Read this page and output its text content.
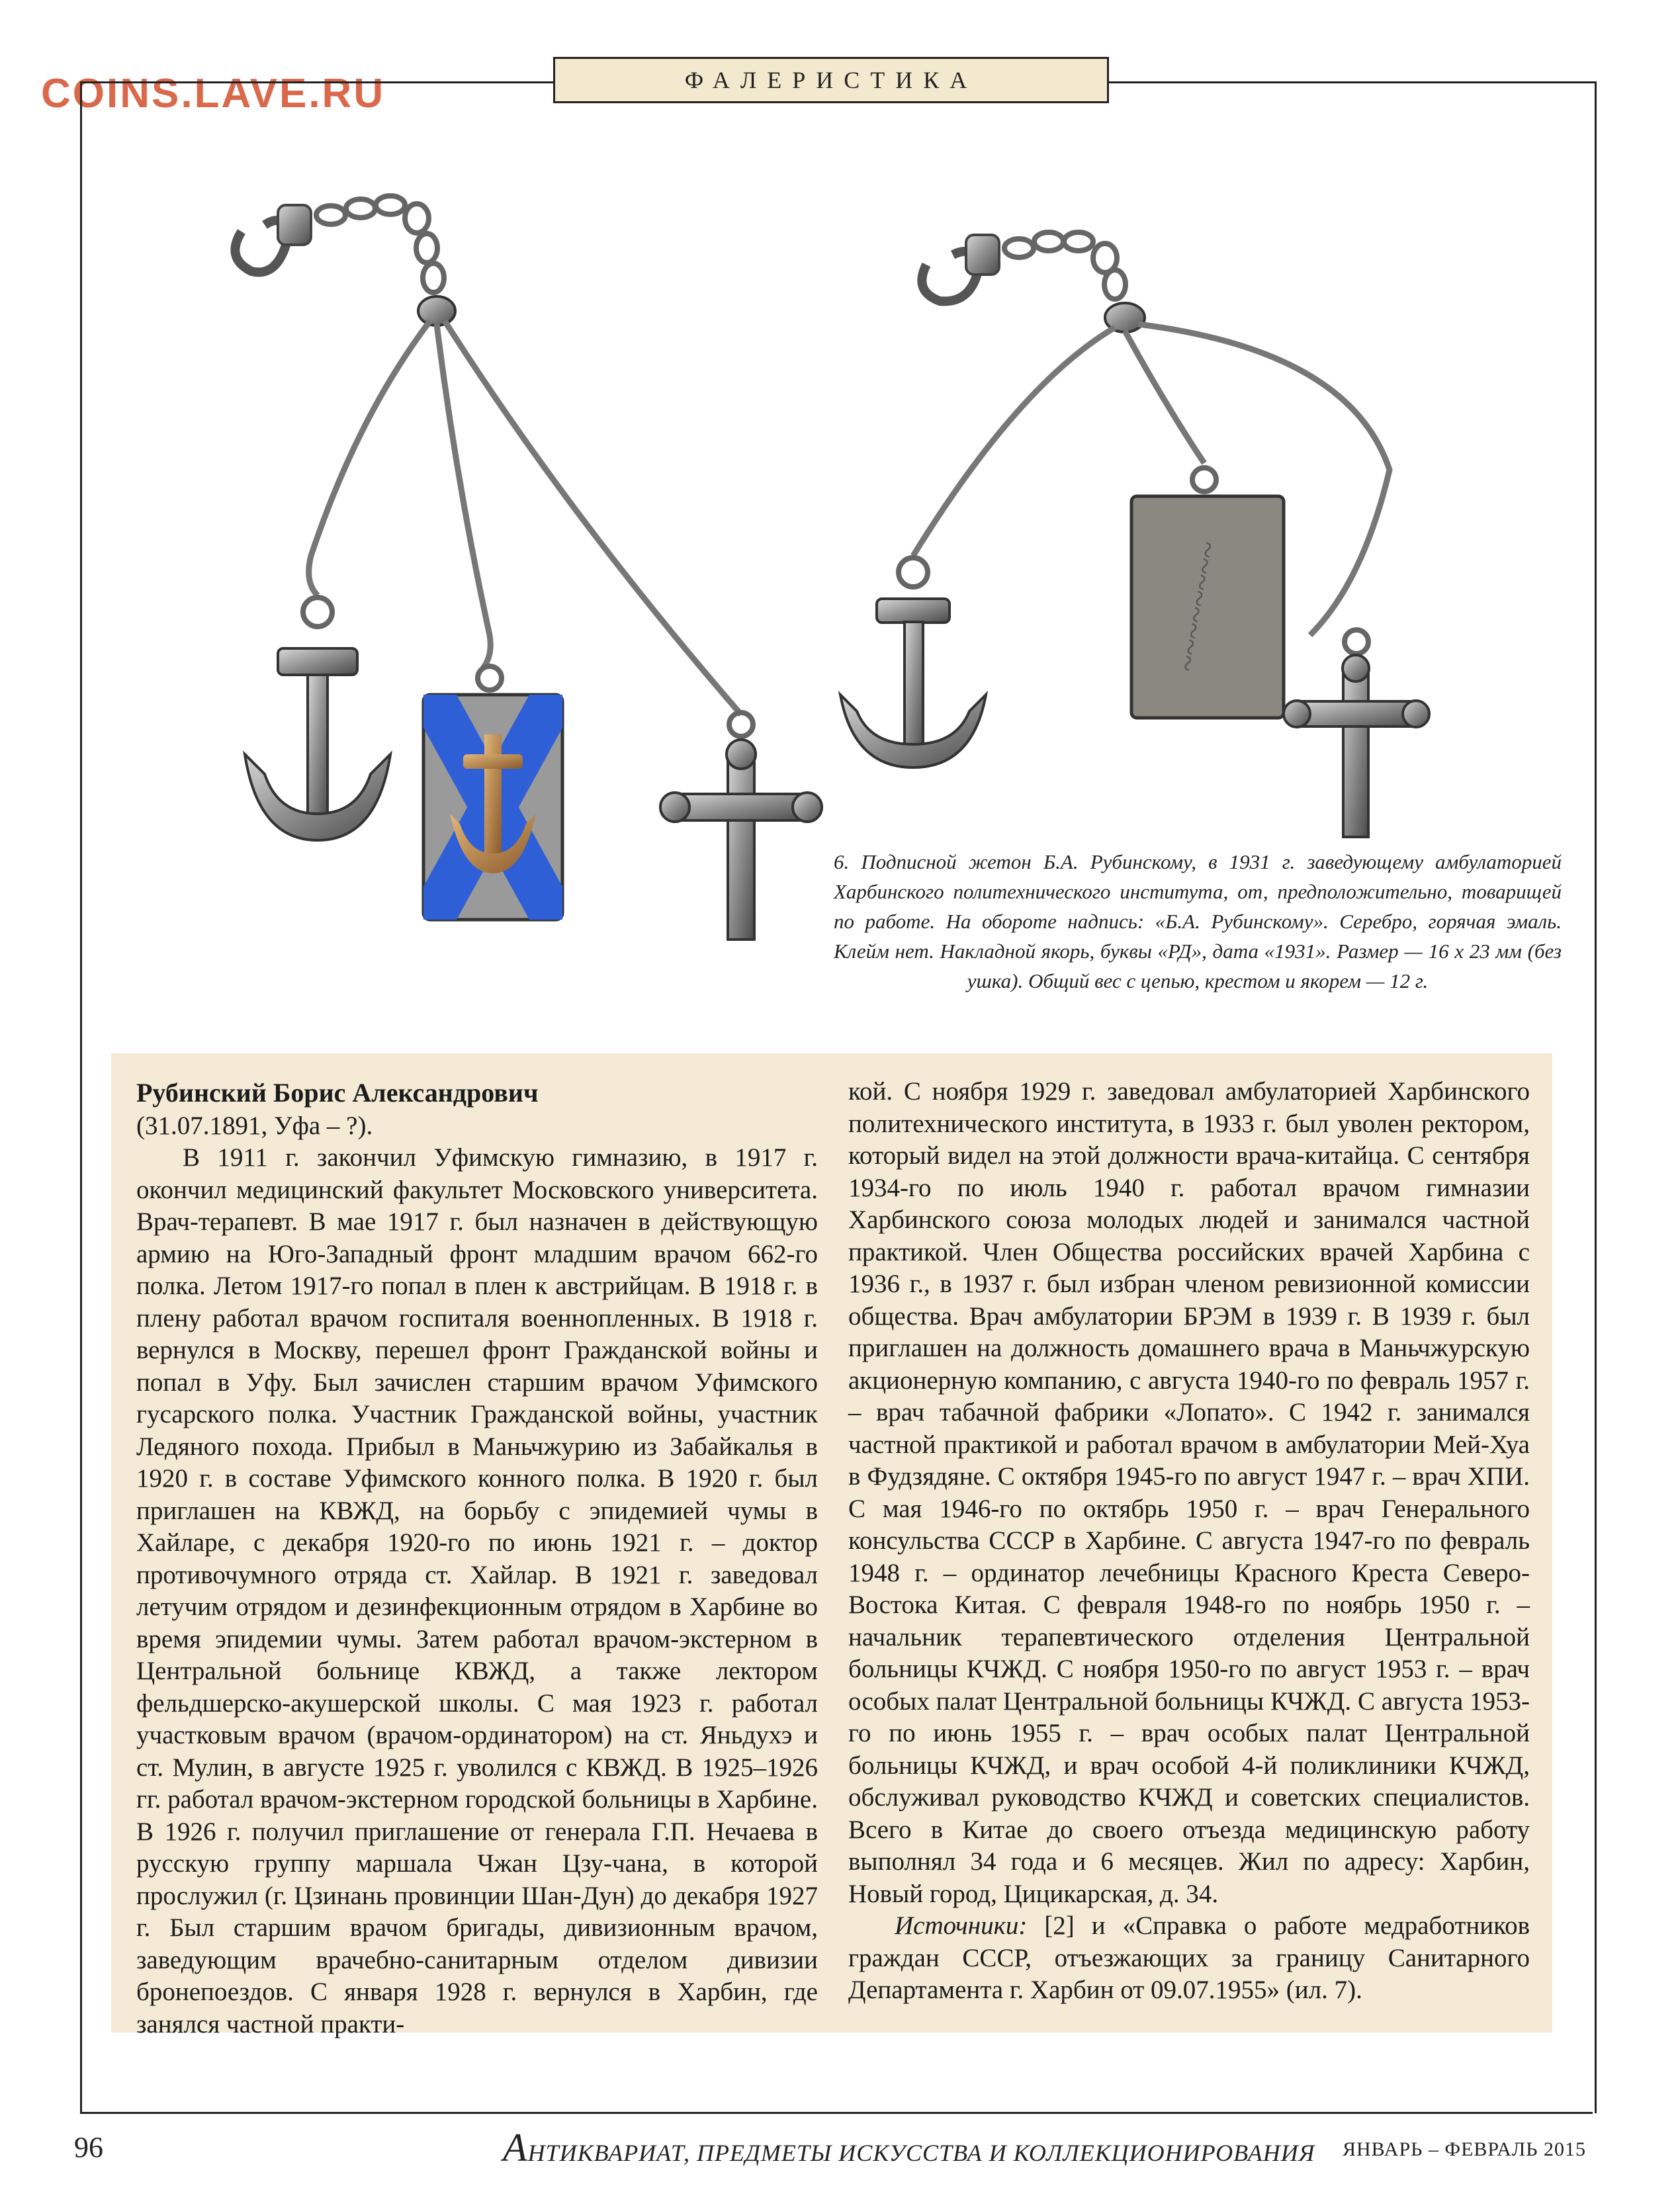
COINS.LAVE.RU	ФАЛЕРИСТИКА
~~~~~~~~
6. Подписной жетон Б.А. Рубинскому, в 1931 г. заведующему амбулаторией Харбинского политехнического института, от, предположительно, товарищей по работе. На обороте надпись: «Б.А. Рубинскому». Серебро, горячая эмаль. Клейм нет. Накладной якорь, буквы «РД», дата «1931». Размер — 16 х 23 мм (без ушка). Общий вес с цепью, крестом и якорем — 12 г.

Рубинский Борис Александрович

(31.07.1891, Уфа – ?).

В 1911 г. закончил Уфимскую гимназию, в 1917 г. окончил медицинский факультет Московского университета. Врач-терапевт. В мае 1917 г. был назначен в действующую армию на Юго-Западный фронт младшим врачом 662-го полка. Летом 1917-го попал в плен к австрийцам. В 1918 г. в плену работал врачом госпиталя военнопленных. В 1918 г. вернулся в Москву, перешел фронт Гражданской войны и попал в Уфу. Был зачислен старшим врачом Уфимского гусарского полка. Участник Гражданской войны, участник Ледяного похода. Прибыл в Маньчжурию из Забайкалья в 1920 г. в составе Уфимского конного полка. В 1920 г. был приглашен на КВЖД, на борьбу с эпидемией чумы в Хайларе, с декабря 1920-го по июнь 1921 г. – доктор противочумного отряда ст. Хайлар. В 1921 г. заведовал летучим отрядом и дезинфекционным отрядом в Харбине во время эпидемии чумы. Затем работал врачом-экстерном в Центральной больнице КВЖД, а также лектором фельдшерско-акушерской школы. С мая 1923 г. работал участковым врачом (врачом-ординатором) на ст. Яньдухэ и ст. Мулин, в августе 1925 г. уволился с КВЖД. В 1925–1926 гг. работал врачом-экстерном городской больницы в Харбине. В 1926 г. получил приглашение от генерала Г.П. Нечаева в русскую группу маршала Чжан Цзу-чана, в которой прослужил (г. Цзинань провинции Шан-Дун) до декабря 1927 г. Был старшим врачом бригады, дивизионным врачом, заведующим врачебно-санитарным отделом дивизии бронепоездов. С января 1928 г. вернулся в Харбин, где занялся частной практи-

кой. С ноября 1929 г. заведовал амбулаторией Харбинского политехнического института, в 1933 г. был уволен ректором, который видел на этой должности врача-китайца. С сентября 1934-го по июль 1940 г. работал врачом гимназии Харбинского союза молодых людей и занимался частной практикой. Член Общества российских врачей Харбина с 1936 г., в 1937 г. был избран членом ревизионной комиссии общества. Врач амбулатории БРЭМ в 1939 г. В 1939 г. был приглашен на должность домашнего врача в Маньчжурскую акционерную компанию, с августа 1940-го по февраль 1957 г. – врач табачной фабрики «Лопато». С 1942 г. занимался частной практикой и работал врачом в амбулатории Мей-Хуа в Фудзядяне. С октября 1945-го по август 1947 г. – врач ХПИ. С мая 1946-го по октябрь 1950 г. – врач Генерального консульства СССР в Харбине. С августа 1947-го по февраль 1948 г. – ординатор лечебницы Красного Креста Северо-Востока Китая. С февраля 1948-го по ноябрь 1950 г. – начальник терапевтического отделения Центральной больницы КЧЖД. С ноября 1950-го по август 1953 г. – врач особых палат Центральной больницы КЧЖД. С августа 1953-го по июнь 1955 г. – врач особых палат Центральной больницы КЧЖД, и врач особой 4-й поликлиники КЧЖД, обслуживал руководство КЧЖД и советских специалистов. Всего в Китае до своего отъезда медицинскую работу выполнял 34 года и 6 месяцев. Жил по адресу: Харбин, Новый город, Цицикарская, д. 34.

Источники: [2] и «Справка о работе медработников граждан СССР, отъезжающих за границу Санитарного Департамента г. Харбин от 09.07.1955» (ил. 7).

96	АНТИКВАРИАТ, ПРЕДМЕТЫ ИСКУССТВА И КОЛЛЕКЦИОНИРОВАНИЯ ЯНВАРЬ – ФЕВРАЛЬ 2015
